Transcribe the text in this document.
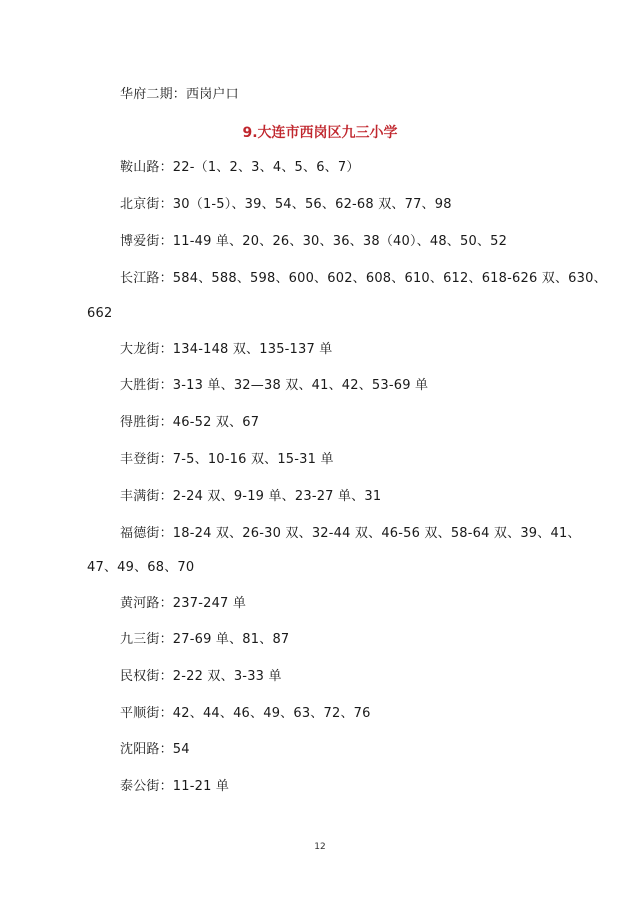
华府二期：西岗户口
9.大连市西岗区九三小学
鞍山路：22-（1、2、3、4、5、6、7）
北京街：30（1-5）、39、54、56、62-68 双、77、98
博爱街：11-49 单、20、26、30、36、38（40）、48、50、52
长江路：584、588、598、600、602、608、610、612、618-626 双、630、
662
大龙街：134-148 双、135-137 单
大胜街：3-13 单、32—38 双、41、42、53-69 单
得胜街：46-52 双、67
丰登街：7-5、10-16 双、15-31 单
丰满街：2-24 双、9-19 单、23-27 单、31
福德街：18-24 双、26-30 双、32-44 双、46-56 双、58-64 双、39、41、
47、49、68、70
黄河路：237-247 单
九三街：27-69 单、81、87
民权街：2-22 双、3-33 单
平顺街：42、44、46、49、63、72、76
沈阳路：54
泰公街：11-21 单
12
